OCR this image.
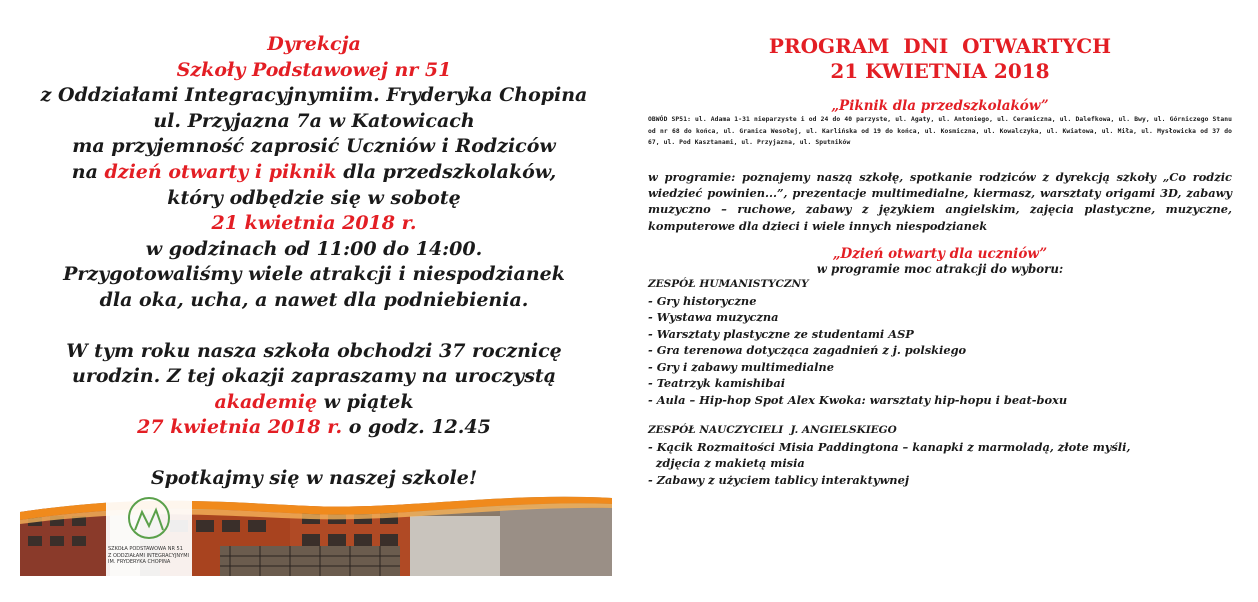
Dyrekcja
Szkoły Podstawowej nr 51
z Oddziałami Integracyjnymiim. Fryderyka Chopina
ul. Przyjazna 7a w Katowicach
ma przyjemność zaprosić Uczniów i Rodziców
na dzień otwarty i piknik dla przedszkolaków,
który odbędzie się w sobotę
21 kwietnia 2018 r.
w godzinach od 11:00 do 14:00.
Przygotowaliśmy wiele atrakcji i niespodzianek
dla oka, ucha, a nawet dla podniebienia.
W tym roku nasza szkoła obchodzi 37 rocznicę
urodzin. Z tej okazji zapraszamy na uroczystą
akademię w piątek
27 kwietnia 2018 r. o godz. 12.45
Spotkajmy się w naszej szkole!
SZKOŁA PODSTAWOWA NR 51
Z ODDZIAŁAMI INTEGRACYJNYMI
IM. FRYDERYKA CHOPINA
PROGRAM  DNI  OTWARTYCH
21 KWIETNIA 2018
„Piknik dla przedszkolaków”
OBWÓD SP51: ul. Adama 1-31 nieparzyste i od 24 do 40 parzyste, ul. Agaty, ul. Antoniego, ul. Ceramiczna, ul. Dalefkowa, ul. Bwy, ul. Górniczego Stanu od nr 68 do końca, ul. Granica Wesołej, ul. Karlińska od 19 do końca, ul. Kosmiczna, ul. Kowalczyka, ul. Kwiatowa, ul. Miła, ul. Mysłowicka od 37 do 67, ul. Pod Kasztanami, ul. Przyjazna, ul. Sputników
w programie: poznajemy naszą szkołę, spotkanie rodziców z dyrekcją szkoły „Co rodzic wiedzieć powinien...”, prezentacje multimedialne, kiermasz, warsztaty origami 3D, zabawy muzyczno – ruchowe, zabawy z językiem angielskim, zajęcia plastyczne, muzyczne, komputerowe dla dzieci i wiele innych niespodzianek
„Dzień otwarty dla uczniów”
w programie moc atrakcji do wyboru:
ZESPÓŁ HUMANISTYCZNY
- Gry historyczne
- Wystawa muzyczna
- Warsztaty plastyczne ze studentami ASP
- Gra terenowa dotycząca zagadnień z j. polskiego
- Gry i zabawy multimedialne
- Teatrzyk kamishibai
- Aula – Hip-hop Spot Alex Kwoka: warsztaty hip-hopu i beat-boxu
ZESPÓŁ NAUCZYCIELI  J. ANGIELSKIEGO
- Kącik Rozmaitości Misia Paddingtona – kanapki z marmoladą, złote myśli,
zdjęcia z makietą misia
- Zabawy z użyciem tablicy interaktywnej
